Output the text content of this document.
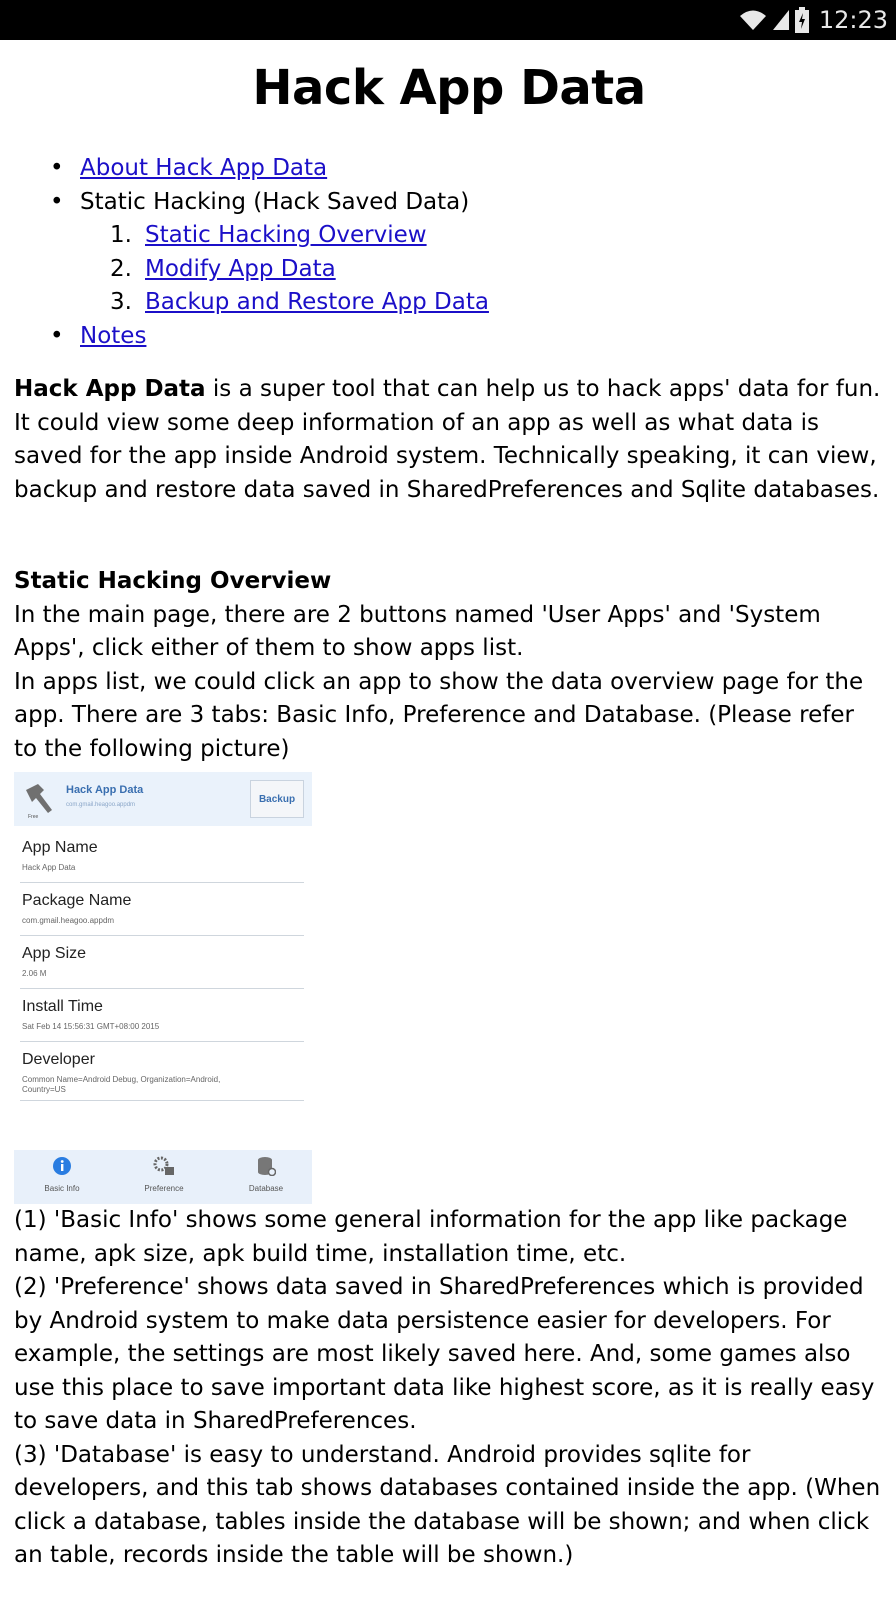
12:23
Hack App Data
• About Hack App Data
• Static Hacking (Hack Saved Data)
1. Static Hacking Overview
2. Modify App Data
3. Backup and Restore App Data
• Notes

Hack App Data is a super tool that can help us to hack apps' data for fun. It could view some deep information of an app as well as what data is saved for the app inside Android system. Technically speaking, it can view, backup and restore data saved in SharedPreferences and Sqlite databases.

Static Hacking Overview
In the main page, there are 2 buttons named 'User Apps' and 'System Apps', click either of them to show apps list.
In apps list, we could click an app to show the data overview page for the app. There are 3 tabs: Basic Info, Preference and Database. (Please refer to the following picture)
Hack App Data
com.gmail.heagoo.appdm
Free
Backup
App Name
Hack App Data
Package Name
com.gmail.heagoo.appdm
App Size
2.06 M
Install Time
Sat Feb 14 15:56:31 GMT+08:00 2015
Developer
Common Name=Android Debug, Organization=Android, Country=US
Basic Info	Preference	Database
(1) 'Basic Info' shows some general information for the app like package name, apk size, apk build time, installation time, etc.
(2) 'Preference' shows data saved in SharedPreferences which is provided by Android system to make data persistence easier for developers. For example, the settings are most likely saved here. And, some games also use this place to save important data like highest score, as it is really easy to save data in SharedPreferences.
(3) 'Database' is easy to understand. Android provides sqlite for developers, and this tab shows databases contained inside the app. (When click a database, tables inside the database will be shown; and when click an table, records inside the table will be shown.)
